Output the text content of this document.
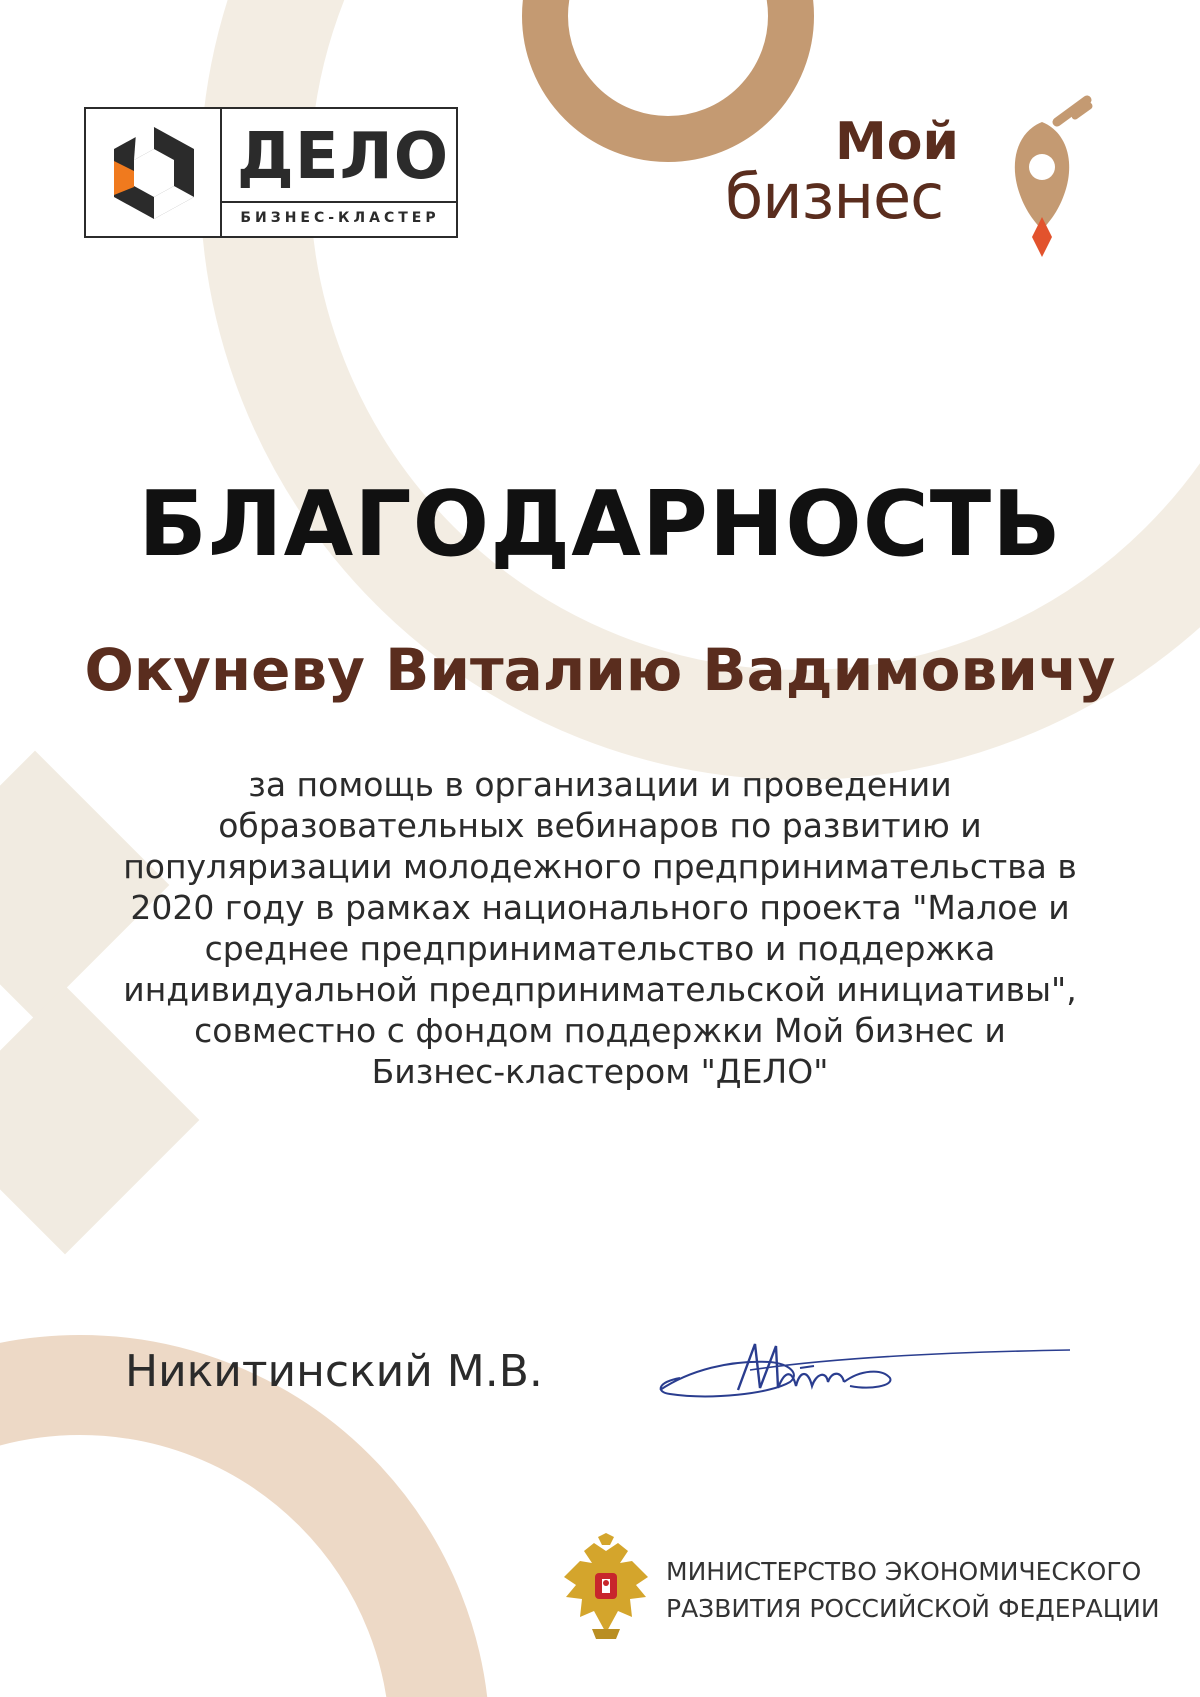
ДЕЛО
БИЗНЕС-КЛАСТЕР
Мой
бизнес
БЛАГОДАРНОСТЬ
Окуневу Виталию Вадимовичу
за помощь в организации и проведении
образовательных вебинаров по развитию и
популяризации молодежного предпринимательства в
2020 году в рамках национального проекта "Малое и
среднее предпринимательство и поддержка
индивидуальной предпринимательской инициативы",
совместно с фондом поддержки Мой бизнес и
Бизнес-кластером "ДЕЛО"
Никитинский М.В.
МИНИСТЕРСТВО ЭКОНОМИЧЕСКОГО
РАЗВИТИЯ РОССИЙСКОЙ ФЕДЕРАЦИИ
